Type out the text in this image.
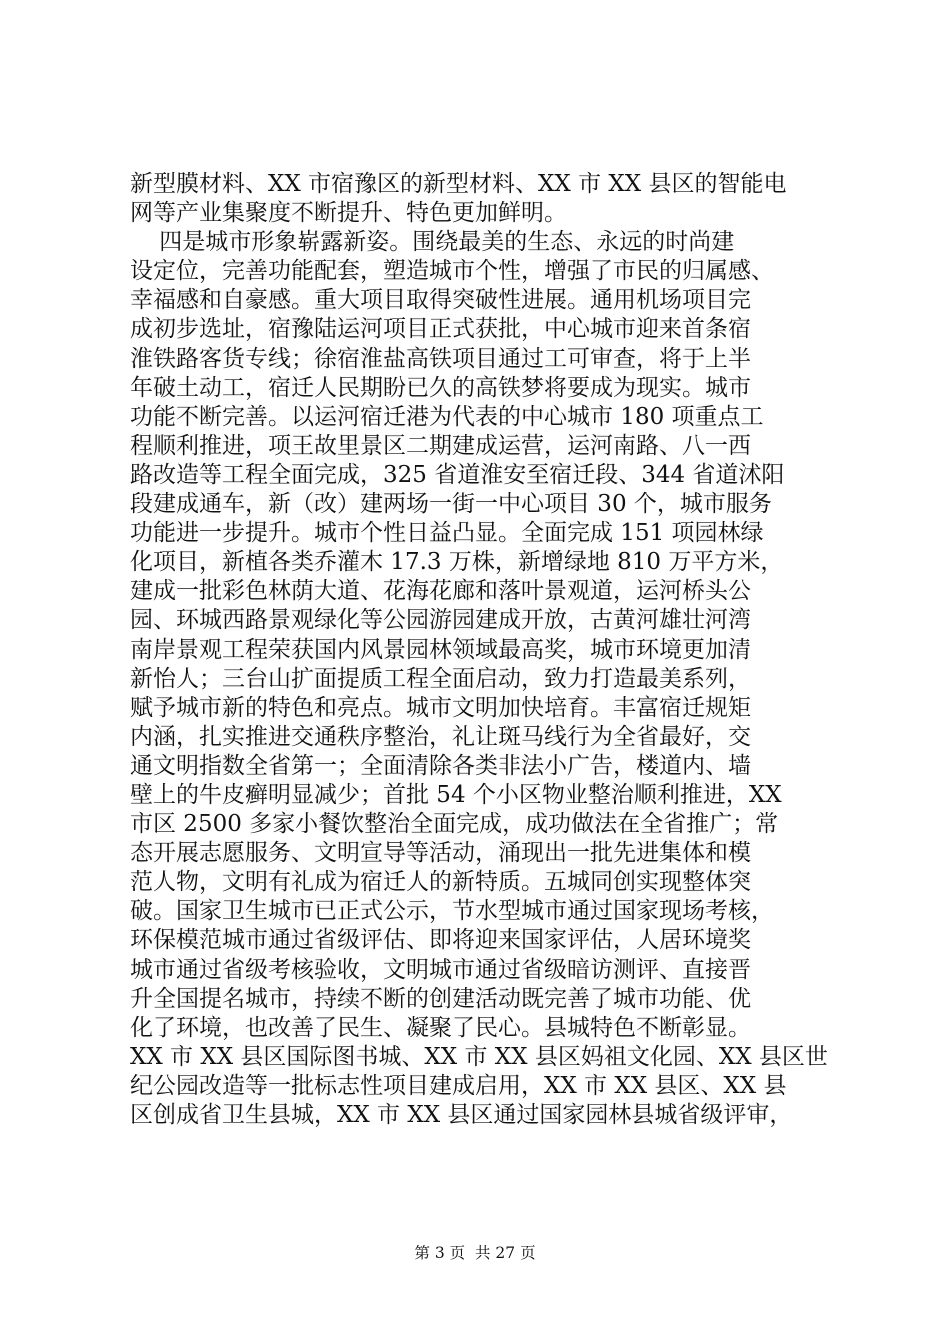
新型膜材料、XX 市宿豫区的新型材料、XX 市 XX 县区的智能电
网等产业集聚度不断提升、特色更加鲜明。
四是城市形象崭露新姿。围绕最美的生态、永远的时尚建
设定位，完善功能配套，塑造城市个性，增强了市民的归属感、
幸福感和自豪感。重大项目取得突破性进展。通用机场项目完
成初步选址，宿豫陆运河项目正式获批，中心城市迎来首条宿
淮铁路客货专线；徐宿淮盐高铁项目通过工可审查，将于上半
年破土动工，宿迁人民期盼已久的高铁梦将要成为现实。城市
功能不断完善。以运河宿迁港为代表的中心城市 180 项重点工
程顺利推进，项王故里景区二期建成运营，运河南路、八一西
路改造等工程全面完成，325 省道淮安至宿迁段、344 省道沭阳
段建成通车，新（改）建两场一街一中心项目 30 个，城市服务
功能进一步提升。城市个性日益凸显。全面完成 151 项园林绿
化项目，新植各类乔灌木 17.3 万株，新增绿地 810 万平方米，
建成一批彩色林荫大道、花海花廊和落叶景观道，运河桥头公
园、环城西路景观绿化等公园游园建成开放，古黄河雄壮河湾
南岸景观工程荣获国内风景园林领域最高奖，城市环境更加清
新怡人；三台山扩面提质工程全面启动，致力打造最美系列，
赋予城市新的特色和亮点。城市文明加快培育。丰富宿迁规矩
内涵，扎实推进交通秩序整治，礼让斑马线行为全省最好，交
通文明指数全省第一；全面清除各类非法小广告，楼道内、墙
壁上的牛皮癣明显减少；首批 54 个小区物业整治顺利推进，XX
市区 2500 多家小餐饮整治全面完成，成功做法在全省推广；常
态开展志愿服务、文明宣导等活动，涌现出一批先进集体和模
范人物，文明有礼成为宿迁人的新特质。五城同创实现整体突
破。国家卫生城市已正式公示，节水型城市通过国家现场考核，
环保模范城市通过省级评估、即将迎来国家评估，人居环境奖
城市通过省级考核验收，文明城市通过省级暗访测评、直接晋
升全国提名城市，持续不断的创建活动既完善了城市功能、优
化了环境，也改善了民生、凝聚了民心。县城特色不断彰显。
XX 市 XX 县区国际图书城、XX 市 XX 县区妈祖文化园、XX 县区世
纪公园改造等一批标志性项目建成启用，XX 市 XX 县区、XX 县
区创成省卫生县城，XX 市 XX 县区通过国家园林县城省级评审，
第 3 页  共 27 页
